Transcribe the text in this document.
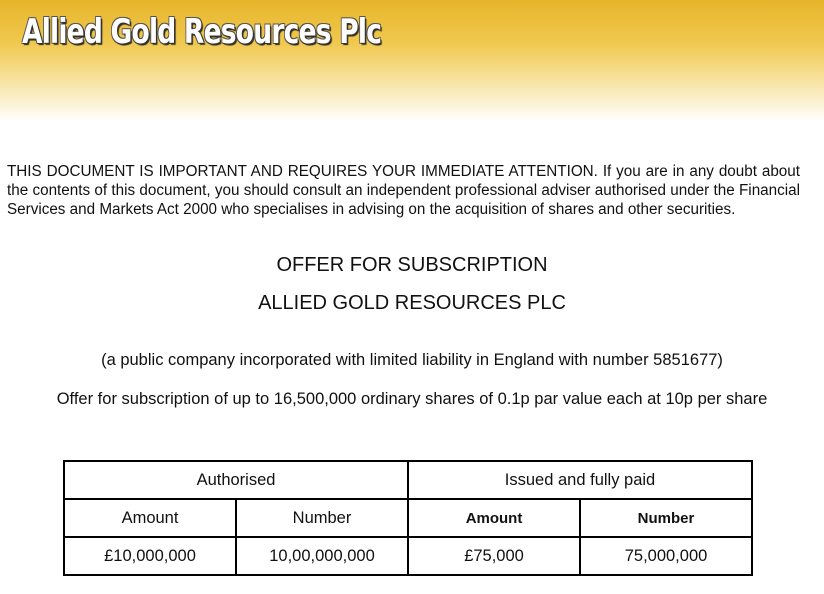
Allied Gold Resources Plc
THIS DOCUMENT IS IMPORTANT AND REQUIRES YOUR IMMEDIATE ATTENTION. If you are in any doubt about the contents of this document, you should consult an independent professional adviser authorised under the Financial Services and Markets Act 2000 who specialises in advising on the acquisition of shares and other securities.
OFFER FOR SUBSCRIPTION
ALLIED GOLD RESOURCES PLC
(a public company incorporated with limited liability in England with number 5851677)
Offer for subscription of up to 16,500,000 ordinary shares of 0.1p par value each at 10p per share
Authorised		Issued and fully paid	
Amount	Number	Amount	Number
£10,000,000	10,00,000,000	£75,000	75,000,000
